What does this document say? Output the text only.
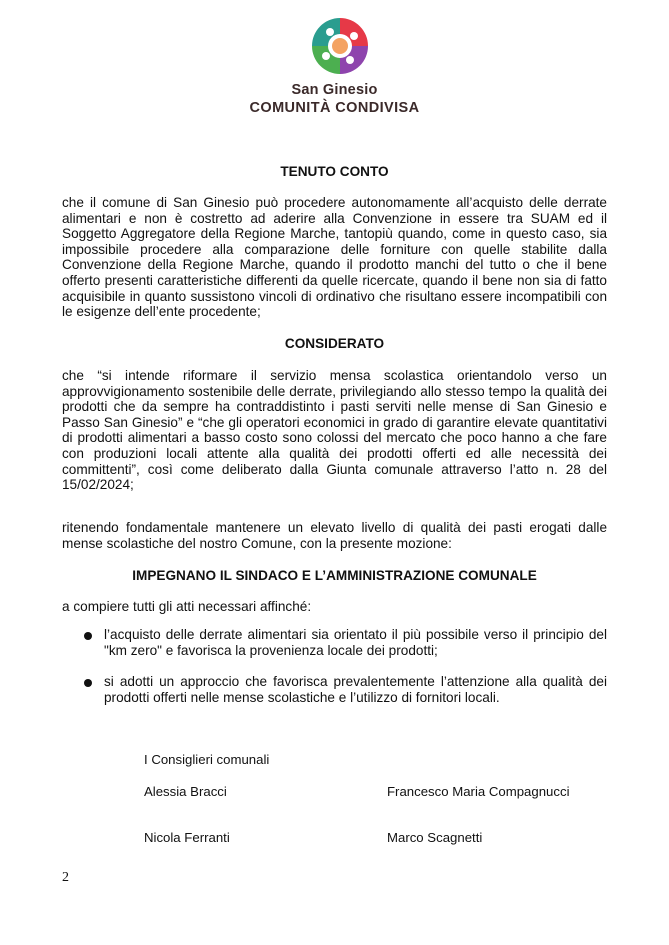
San Ginesio
COMUNITÀ CONDIVISA
TENUTO CONTO

che il comune di San Ginesio può procedere autonomamente all’acquisto delle derrate alimentari e non è costretto ad aderire alla Convenzione in essere tra SUAM ed il Soggetto Aggregatore della Regione Marche, tantopiù quando, come in questo caso, sia impossibile procedere alla comparazione delle forniture con quelle stabilite dalla Convenzione della Regione Marche, quando il prodotto manchi del tutto o che il bene offerto presenti caratteristiche differenti da quelle ricercate, quando il bene non sia di fatto acquisibile in quanto sussistono vincoli di ordinativo che risultano essere incompatibili con le esigenze dell’ente procedente;

CONSIDERATO

che “si intende riformare il servizio mensa scolastica orientandolo verso un approvvigionamento sostenibile delle derrate, privilegiando allo stesso tempo la qualità dei prodotti che da sempre ha contraddistinto i pasti serviti nelle mense di San Ginesio e Passo San Ginesio” e “che gli operatori economici in grado di garantire elevate quantitativi di prodotti alimentari a basso costo sono colossi del mercato che poco hanno a che fare con produzioni locali attente alla qualità dei prodotti offerti ed alle necessità dei committenti”, così come deliberato dalla Giunta comunale attraverso l’atto n. 28 del 15/02/2024;

ritenendo fondamentale mantenere un elevato livello di qualità dei pasti erogati dalle mense scolastiche del nostro Comune, con la presente mozione:

IMPEGNANO IL SINDACO E L’AMMINISTRAZIONE COMUNALE

a compiere tutti gli atti necessari affinché:

l’acquisto delle derrate alimentari sia orientato il più possibile verso il principio del "km zero" e favorisca la provenienza locale dei prodotti;

si adotti un approccio che favorisca prevalentemente l’attenzione alla qualità dei prodotti offerti nelle mense scolastiche e l’utilizzo di fornitori locali.

I Consiglieri comunali
Alessia Bracci	Francesco Maria Compagnucci
Nicola Ferranti	Marco Scagnetti
2
